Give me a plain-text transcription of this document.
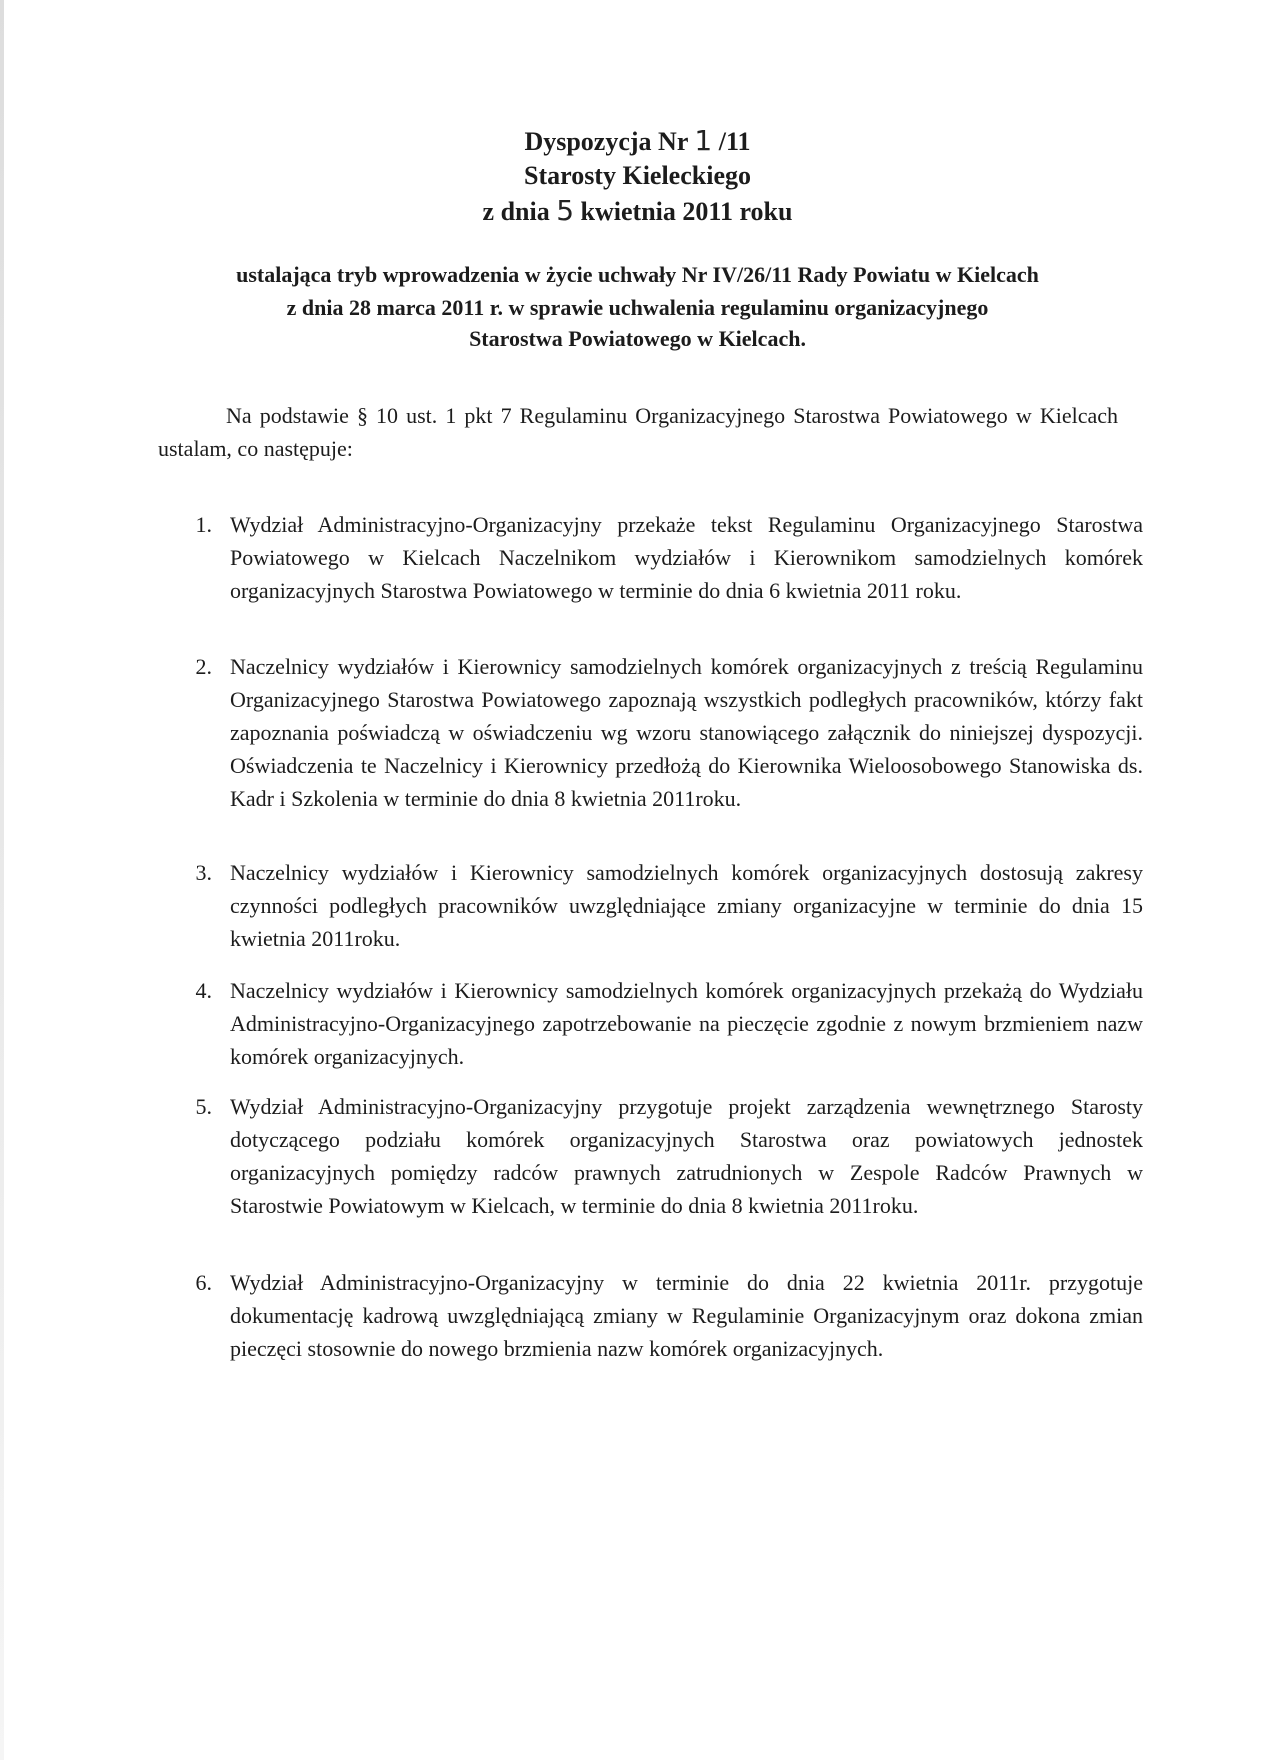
Dyspozycja Nr 1 /11
Starosty Kieleckiego
z dnia 5 kwietnia 2011 roku
ustalająca tryb wprowadzenia w życie uchwały Nr IV/26/11 Rady Powiatu w Kielcach
z dnia 28 marca 2011 r. w sprawie uchwalenia regulaminu organizacyjnego
Starostwa Powiatowego w Kielcach.
Na podstawie § 10 ust. 1 pkt 7 Regulaminu Organizacyjnego Starostwa Powiatowego w Kielcach ustalam, co następuje:
1. Wydział Administracyjno-Organizacyjny przekaże tekst Regulaminu Organizacyjnego Starostwa Powiatowego w Kielcach Naczelnikom wydziałów i Kierownikom samodzielnych komórek organizacyjnych Starostwa Powiatowego w terminie do dnia 6 kwietnia 2011 roku.
2. Naczelnicy wydziałów i Kierownicy samodzielnych komórek organizacyjnych z treścią Regulaminu Organizacyjnego Starostwa Powiatowego zapoznają wszystkich podległych pracowników, którzy fakt zapoznania poświadczą w oświadczeniu wg wzoru stanowiącego załącznik do niniejszej dyspozycji. Oświadczenia te Naczelnicy i Kierownicy przedłożą do Kierownika Wieloosobowego Stanowiska ds. Kadr i Szkolenia w terminie do dnia 8 kwietnia 2011roku.
3. Naczelnicy wydziałów i Kierownicy samodzielnych komórek organizacyjnych dostosują zakresy czynności podległych pracowników uwzględniające zmiany organizacyjne w terminie do dnia 15 kwietnia 2011roku.
4. Naczelnicy wydziałów i Kierownicy samodzielnych komórek organizacyjnych przekażą do Wydziału Administracyjno-Organizacyjnego zapotrzebowanie na pieczęcie zgodnie z nowym brzmieniem nazw komórek organizacyjnych.
5. Wydział Administracyjno-Organizacyjny przygotuje projekt zarządzenia wewnętrznego Starosty dotyczącego podziału komórek organizacyjnych Starostwa oraz powiatowych jednostek organizacyjnych pomiędzy radców prawnych zatrudnionych w Zespole Radców Prawnych w Starostwie Powiatowym w Kielcach, w terminie do dnia 8 kwietnia 2011roku.
6. Wydział Administracyjno-Organizacyjny w terminie do dnia 22 kwietnia 2011r. przygotuje dokumentację kadrową uwzględniającą zmiany w Regulaminie Organizacyjnym oraz dokona zmian pieczęci stosownie do nowego brzmienia nazw komórek organizacyjnych.
